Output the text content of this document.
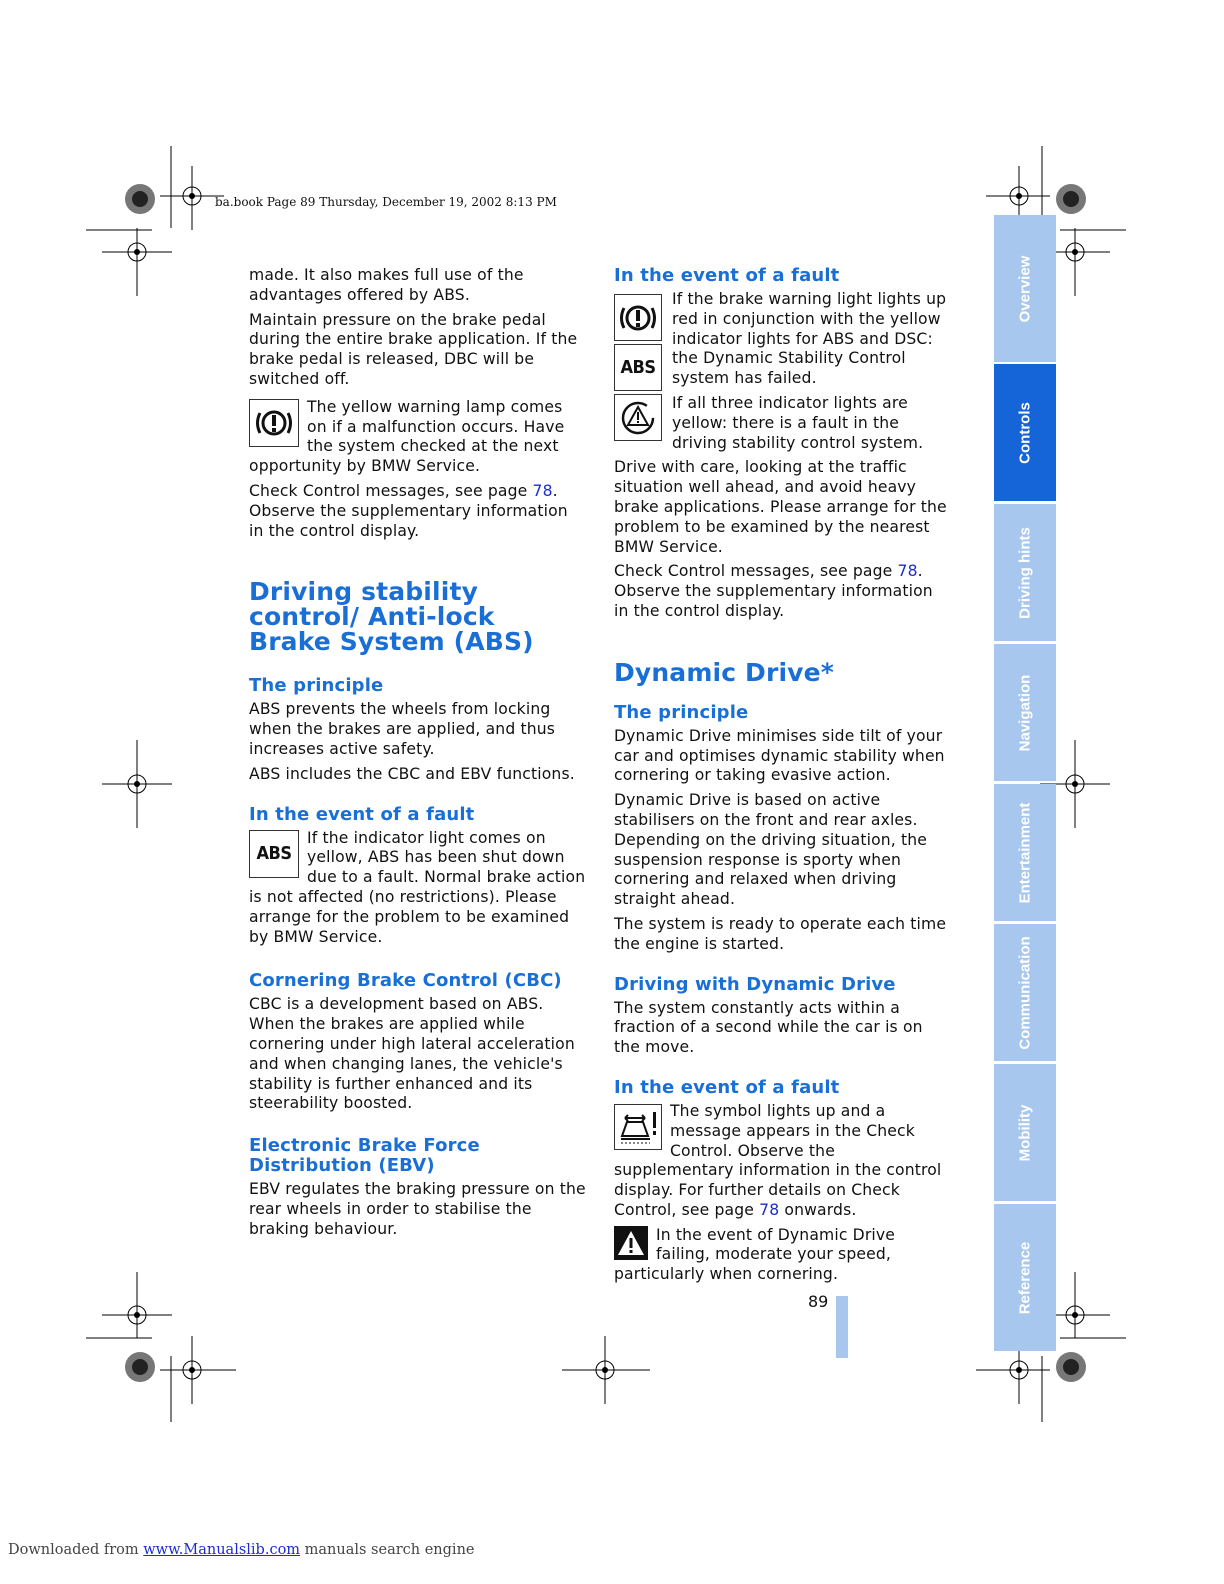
ba.book Page 89 Thursday, December 19, 2002 8:13 PM

made. It also makes full use of the advantages offered by ABS.

Maintain pressure on the brake pedal during the entire brake application. If the brake pedal is released, DBC will be switched off.

The yellow warning lamp comes on if a malfunction occurs. Have the system checked at the next opportunity by BMW Service.

Check Control messages, see page 78.

Observe the supplementary information in the control display.

Driving stability control/ Anti-lock Brake System (ABS)
The principle

ABS prevents the wheels from locking when the brakes are applied, and thus increases active safety.

ABS includes the CBC and EBV functions.

In the event of a fault

ABS
If the indicator light comes on yellow, ABS has been shut down due to a fault. Normal brake action is not affected (no restrictions). Please arrange for the problem to be examined by BMW Service.

Cornering Brake Control (CBC)

CBC is a development based on ABS. When the brakes are applied while cornering under high lateral acceleration and when changing lanes, the vehicle's stability is further enhanced and its steerability boosted.

Electronic Brake Force Distribution (EBV)

EBV regulates the braking pressure on the rear wheels in order to stabilise the braking behaviour.

In the event of a fault
ABS

If the brake warning light lights up red in conjunction with the yellow indicator lights for ABS and DSC: the Dynamic Stability Control system has failed.

If all three indicator lights are yellow: there is a fault in the driving stability control system.

Drive with care, looking at the traffic situation well ahead, and avoid heavy brake applications. Please arrange for the problem to be examined by the nearest BMW Service.

Check Control messages, see page 78.

Observe the supplementary information in the control display.

Dynamic Drive*
The principle

Dynamic Drive minimises side tilt of your car and optimises dynamic stability when cornering or taking evasive action.

Dynamic Drive is based on active stabilisers on the front and rear axles. Depending on the driving situation, the suspension response is sporty when cornering and relaxed when driving straight ahead.

The system is ready to operate each time the engine is started.

Driving with Dynamic Drive

The system constantly acts within a fraction of a second while the car is on the move.

In the event of a fault

The symbol lights up and a message appears in the Check Control. Observe the supplementary information in the control display. For further details on Check Control, see page 78 onwards.

In the event of Dynamic Drive failing, moderate your speed, particularly when cornering.

Overview
Controls
Driving hints
Navigation
Entertainment
Communication
Mobility
Reference
89
Downloaded from www.Manualslib.com manuals search engine
